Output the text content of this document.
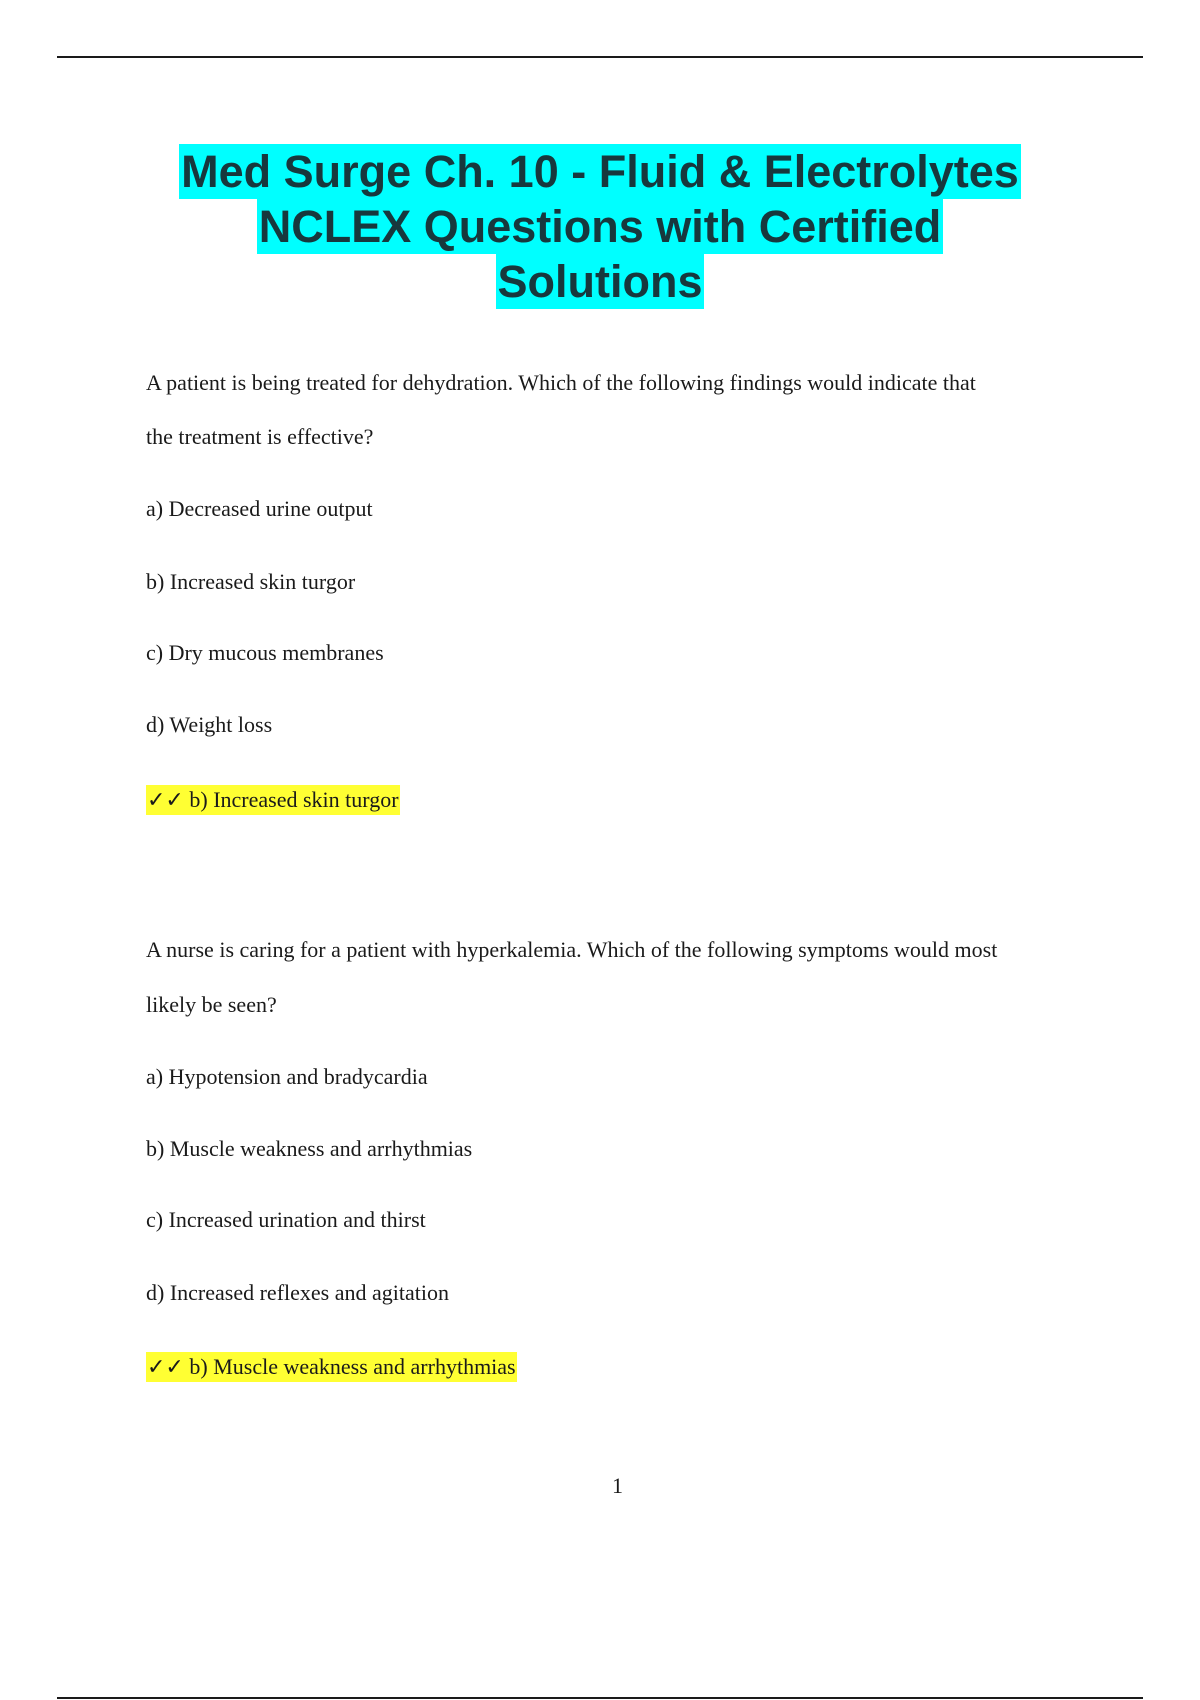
Med Surge Ch. 10 - Fluid & Electrolytes
NCLEX Questions with Certified
Solutions
A patient is being treated for dehydration. Which of the following findings would indicate that
the treatment is effective?
a) Decreased urine output
b) Increased skin turgor
c) Dry mucous membranes
d) Weight loss
✓✓ b) Increased skin turgor
A nurse is caring for a patient with hyperkalemia. Which of the following symptoms would most
likely be seen?
a) Hypotension and bradycardia
b) Muscle weakness and arrhythmias
c) Increased urination and thirst
d) Increased reflexes and agitation
✓✓ b) Muscle weakness and arrhythmias
1
